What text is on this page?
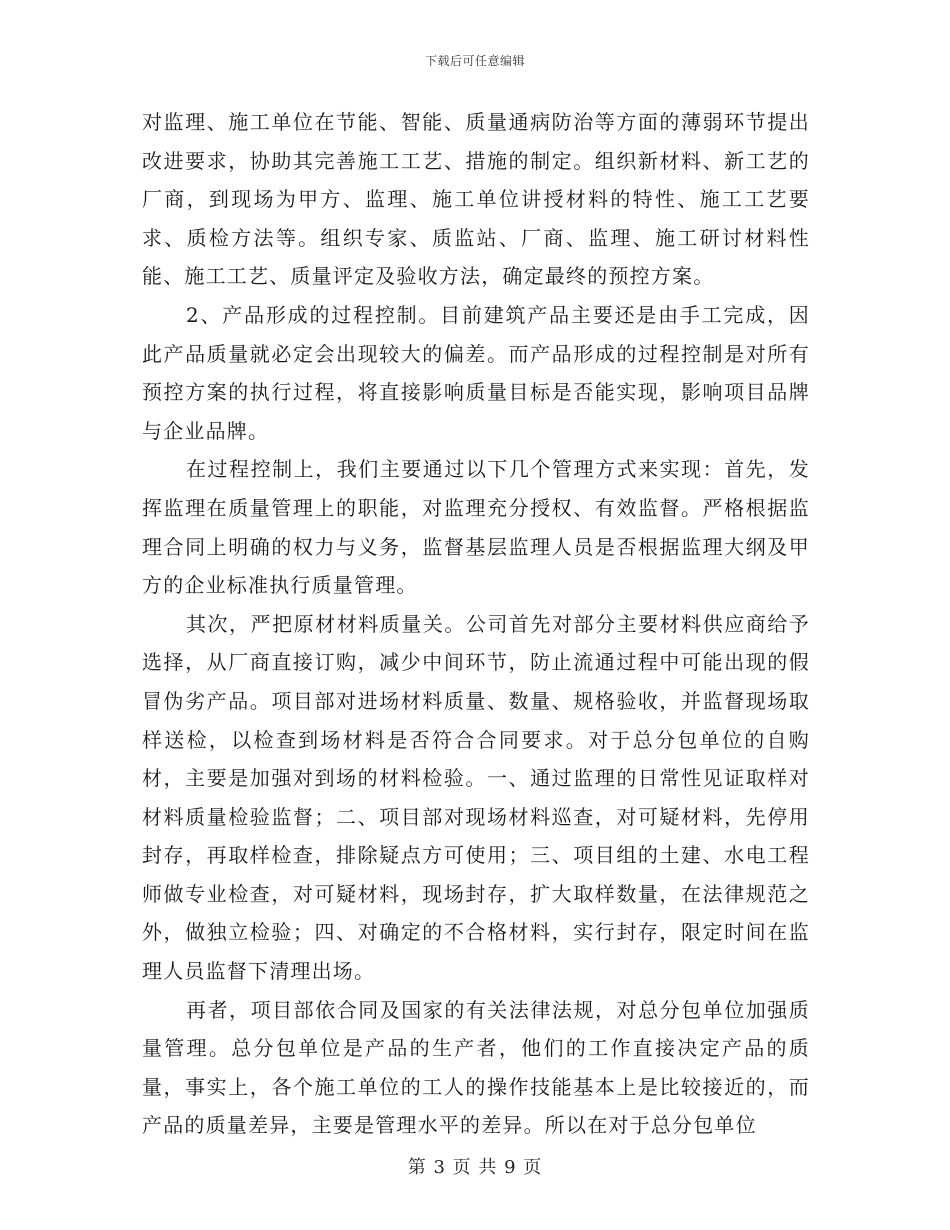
下载后可任意编辑

对监理、施工单位在节能、智能、质量通病防治等方面的薄弱环节提出改进要求，协助其完善施工工艺、措施的制定。组织新材料、新工艺的厂商，到现场为甲方、监理、施工单位讲授材料的特性、施工工艺要求、质检方法等。组织专家、质监站、厂商、监理、施工研讨材料性能、施工工艺、质量评定及验收方法，确定最终的预控方案。

2、产品形成的过程控制。目前建筑产品主要还是由手工完成，因此产品质量就必定会出现较大的偏差。而产品形成的过程控制是对所有预控方案的执行过程，将直接影响质量目标是否能实现，影响项目品牌与企业品牌。

在过程控制上，我们主要通过以下几个管理方式来实现：首先，发挥监理在质量管理上的职能，对监理充分授权、有效监督。严格根据监理合同上明确的权力与义务，监督基层监理人员是否根据监理大纲及甲方的企业标准执行质量管理。

其次，严把原材材料质量关。公司首先对部分主要材料供应商给予选择，从厂商直接订购，减少中间环节，防止流通过程中可能出现的假冒伪劣产品。项目部对进场材料质量、数量、规格验收，并监督现场取样送检，以检查到场材料是否符合合同要求。对于总分包单位的自购材，主要是加强对到场的材料检验。一、通过监理的日常性见证取样对材料质量检验监督；二、项目部对现场材料巡查，对可疑材料，先停用封存，再取样检查，排除疑点方可使用；三、项目组的土建、水电工程师做专业检查，对可疑材料，现场封存，扩大取样数量，在法律规范之外，做独立检验；四、对确定的不合格材料，实行封存，限定时间在监理人员监督下清理出场。

再者，项目部依合同及国家的有关法律法规，对总分包单位加强质量管理。总分包单位是产品的生产者，他们的工作直接决定产品的质量，事实上，各个施工单位的工人的操作技能基本上是比较接近的，而产品的质量差异，主要是管理水平的差异。所以在对于总分包单位

第 3 页 共 9 页
